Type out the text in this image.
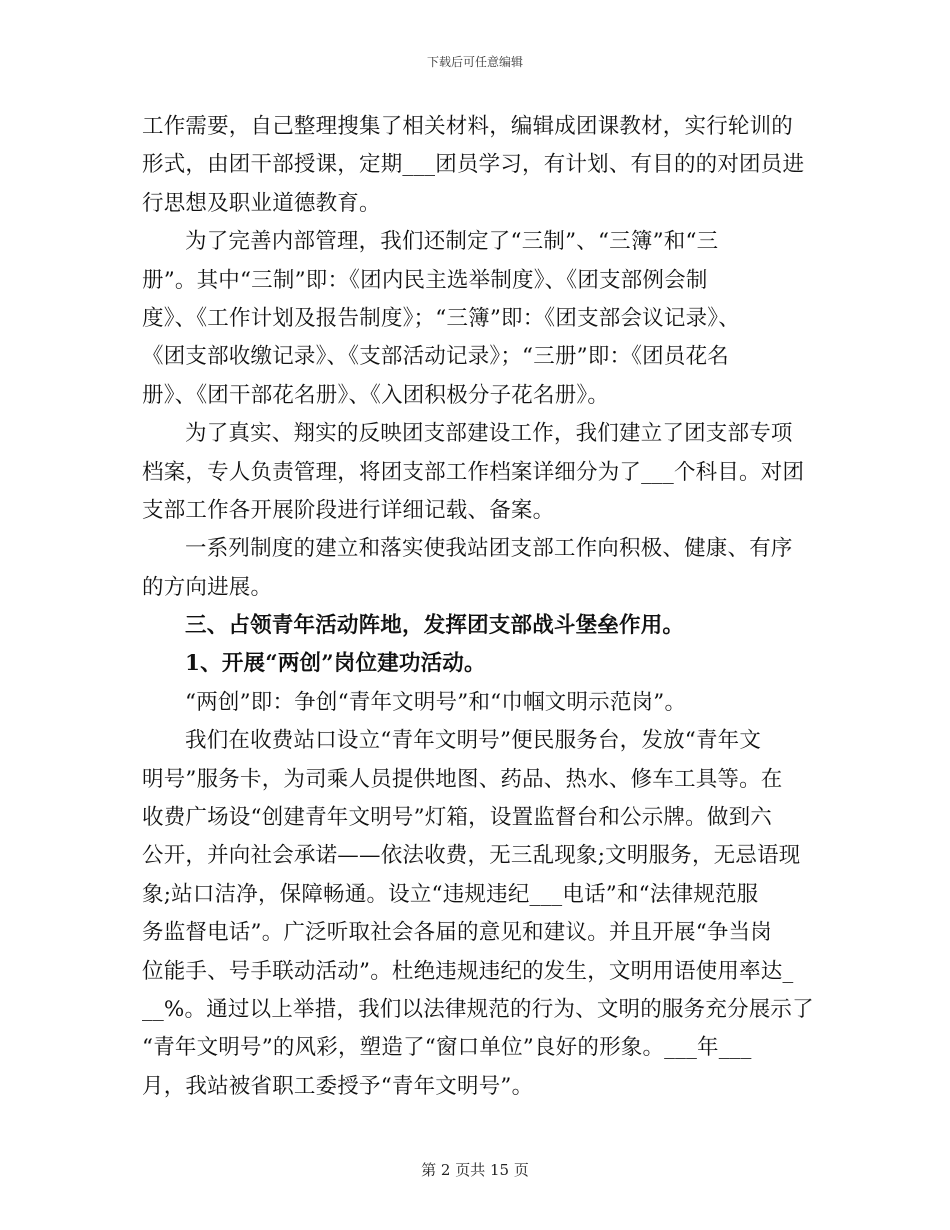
下载后可任意编辑
工作需要，自己整理搜集了相关材料，编辑成团课教材，实行轮训的
形式，由团干部授课，定期___团员学习，有计划、有目的的对团员进
行思想及职业道德教育。
为了完善内部管理，我们还制定了“三制”、“三簿”和“三
册”。其中“三制”即：《团内民主选举制度》、《团支部例会制
度》、《工作计划及报告制度》；“三簿”即：《团支部会议记录》、
《团支部收缴记录》、《支部活动记录》；“三册”即：《团员花名
册》、《团干部花名册》、《入团积极分子花名册》。
为了真实、翔实的反映团支部建设工作，我们建立了团支部专项
档案，专人负责管理，将团支部工作档案详细分为了___个科目。对团
支部工作各开展阶段进行详细记载、备案。
一系列制度的建立和落实使我站团支部工作向积极、健康、有序
的方向进展。
三、占领青年活动阵地，发挥团支部战斗堡垒作用。
1、开展“两创”岗位建功活动。
“两创”即：争创“青年文明号”和“巾帼文明示范岗”。
我们在收费站口设立“青年文明号”便民服务台，发放“青年文
明号”服务卡，为司乘人员提供地图、药品、热水、修车工具等。在
收费广场设“创建青年文明号”灯箱，设置监督台和公示牌。做到六
公开，并向社会承诺——依法收费，无三乱现象;文明服务，无忌语现
象;站口洁净，保障畅通。设立“违规违纪___电话”和“法律规范服
务监督电话”。广泛听取社会各届的意见和建议。并且开展“争当岗
位能手、号手联动活动”。杜绝违规违纪的发生，文明用语使用率达_
__%。通过以上举措，我们以法律规范的行为、文明的服务充分展示了
“青年文明号”的风彩，塑造了“窗口单位”良好的形象。___年___
月，我站被省职工委授予“青年文明号”。
第 2 页共 15 页
